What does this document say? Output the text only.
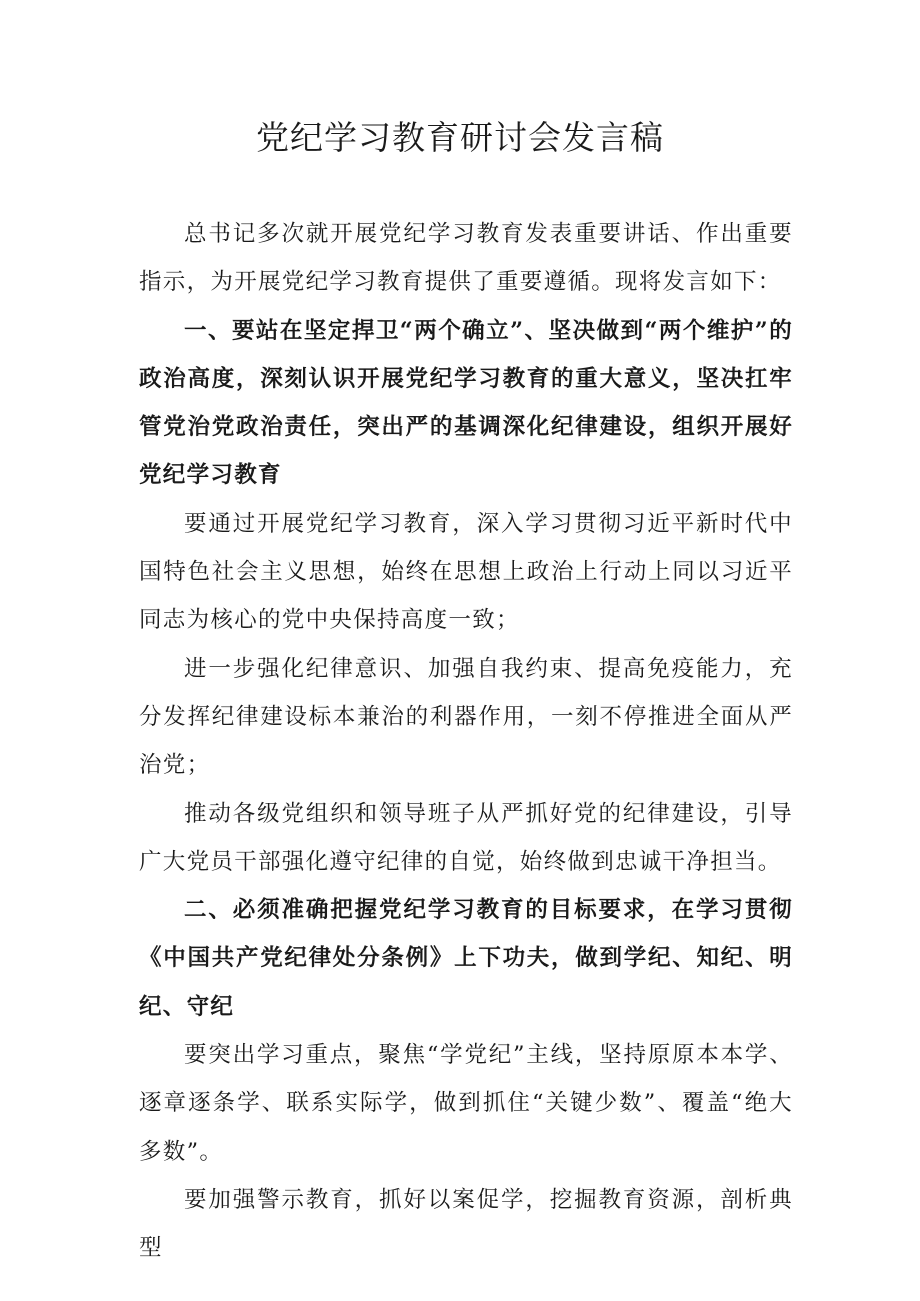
党纪学习教育研讨会发言稿

总书记多次就开展党纪学习教育发表重要讲话、作出重要指示，为开展党纪学习教育提供了重要遵循。现将发言如下：

一、要站在坚定捍卫“两个确立”、坚决做到“两个维护”的政治高度，深刻认识开展党纪学习教育的重大意义，坚决扛牢管党治党政治责任，突出严的基调深化纪律建设，组织开展好党纪学习教育

要通过开展党纪学习教育，深入学习贯彻习近平新时代中国特色社会主义思想，始终在思想上政治上行动上同以习近平同志为核心的党中央保持高度一致；

进一步强化纪律意识、加强自我约束、提高免疫能力，充分发挥纪律建设标本兼治的利器作用，一刻不停推进全面从严治党；

推动各级党组织和领导班子从严抓好党的纪律建设，引导广大党员干部强化遵守纪律的自觉，始终做到忠诚干净担当。

二、必须准确把握党纪学习教育的目标要求，在学习贯彻《中国共产党纪律处分条例》上下功夫，做到学纪、知纪、明纪、守纪

要突出学习重点，聚焦“学党纪”主线，坚持原原本本学、逐章逐条学、联系实际学，做到抓住“关键少数”、覆盖“绝大多数”。

要加强警示教育，抓好以案促学，挖掘教育资源，剖析典型
